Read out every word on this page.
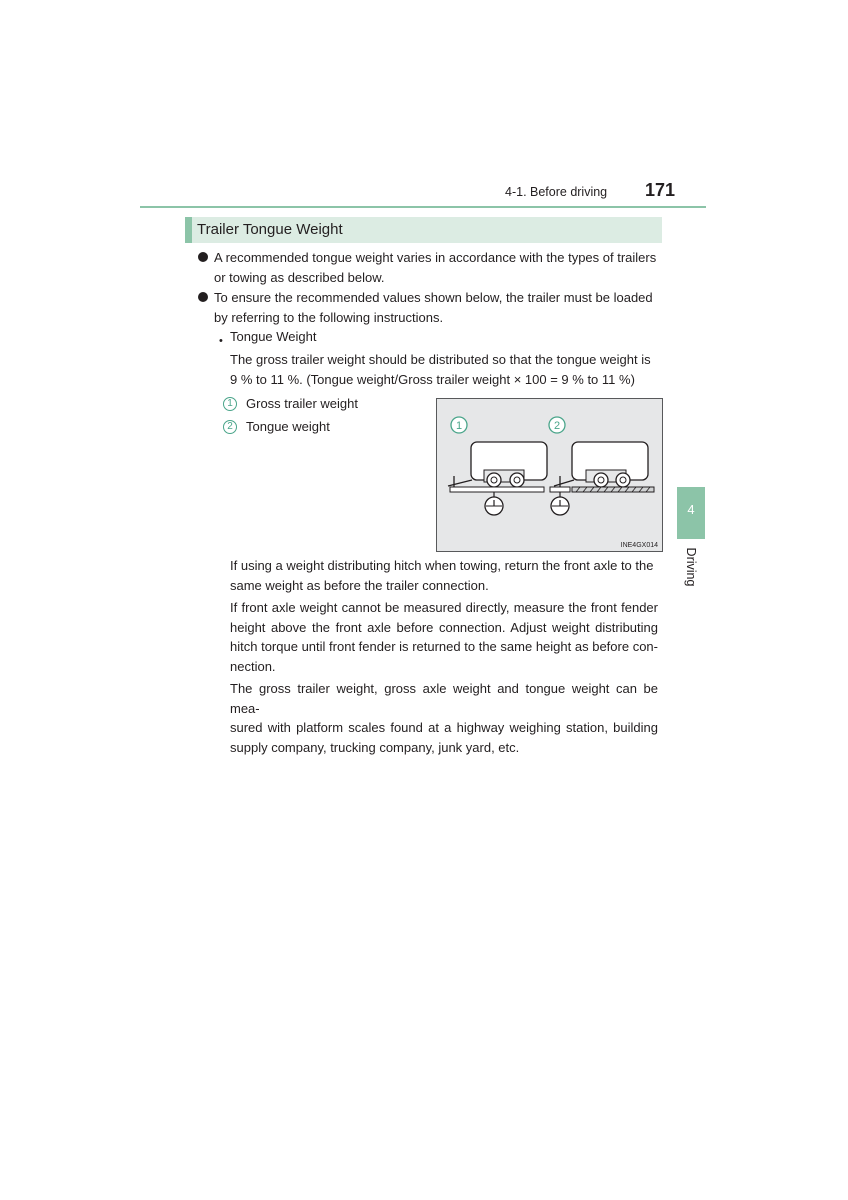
4-1. Before driving 171
Trailer Tongue Weight
A recommended tongue weight varies in accordance with the types of trailers
or towing as described below.
To ensure the recommended values shown below, the trailer must be loaded
by referring to the following instructions.
• Tongue Weight
The gross trailer weight should be distributed so that the tongue weight is
9 % to 11 %. (Tongue weight/Gross trailer weight × 100 = 9 % to 11 %)
1	Gross trailer weight
2	Tongue weight	1	2
INE4GX014
If using a weight distributing hitch when towing, return the front axle to the
same weight as before the trailer connection.
If front axle weight cannot be measured directly, measure the front fender
height above the front axle before connection. Adjust weight distributing
hitch torque until front fender is returned to the same height as before con-
nection.
The gross trailer weight, gross axle weight and tongue weight can be mea-
sured with platform scales found at a highway weighing station, building
supply company, trucking company, junk yard, etc.
4
Driving
